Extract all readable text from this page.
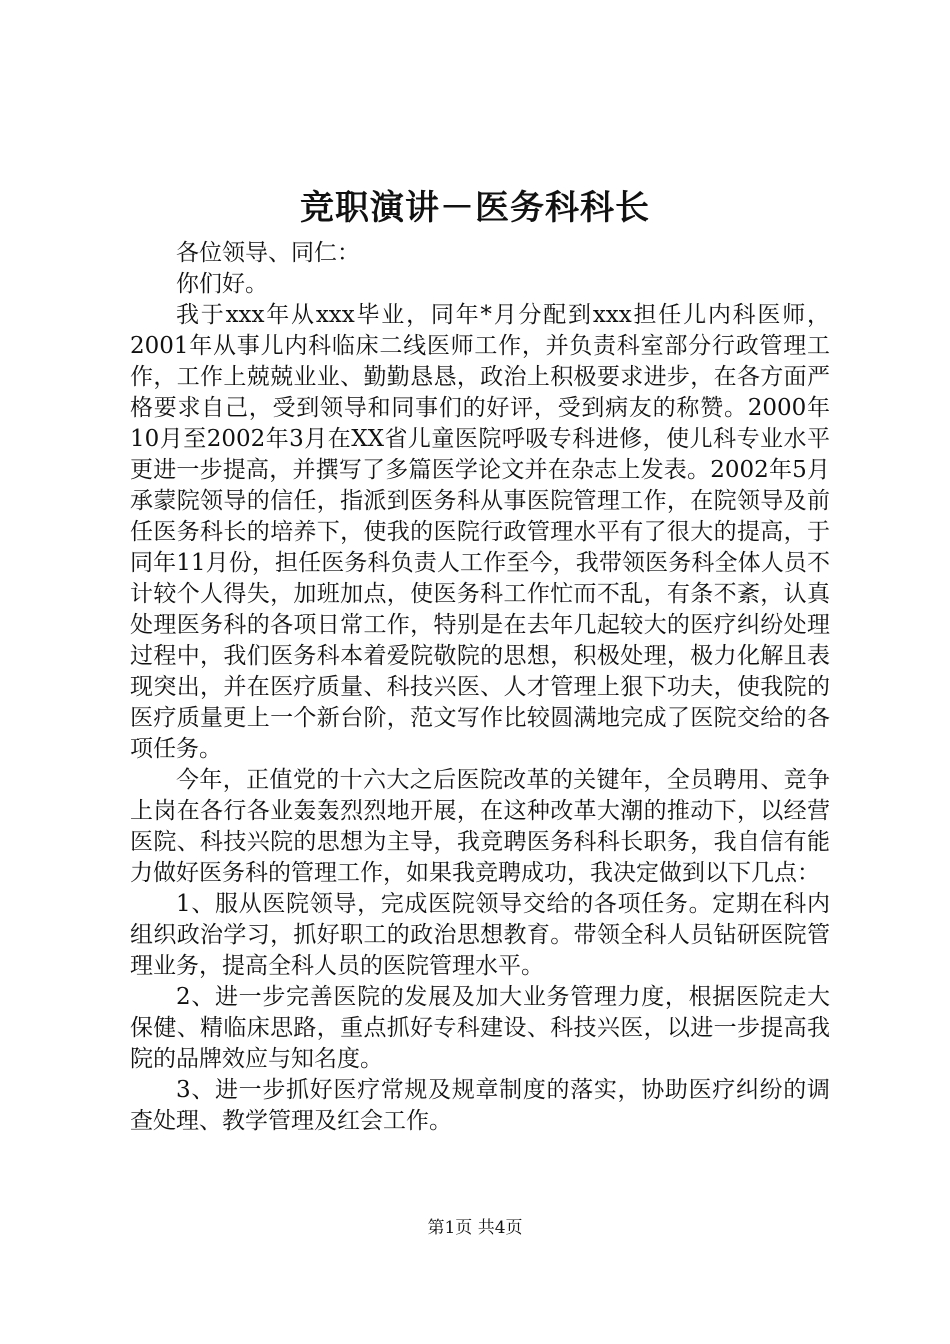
竞职演讲－医务科科长

各位领导、同仁：

你们好。

我于xxx年从xxx毕业，同年*月分配到xxx担任儿内科医师，2001年从事儿内科临床二线医师工作，并负责科室部分行政管理工作，工作上兢兢业业、勤勤恳恳，政治上积极要求进步，在各方面严格要求自己，受到领导和同事们的好评，受到病友的称赞。2000年10月至2002年3月在XX省儿童医院呼吸专科进修，使儿科专业水平更进一步提高，并撰写了多篇医学论文并在杂志上发表。2002年5月承蒙院领导的信任，指派到医务科从事医院管理工作，在院领导及前任医务科长的培养下，使我的医院行政管理水平有了很大的提高，于同年11月份，担任医务科负责人工作至今，我带领医务科全体人员不计较个人得失，加班加点，使医务科工作忙而不乱，有条不紊，认真处理医务科的各项日常工作，特别是在去年几起较大的医疗纠纷处理过程中，我们医务科本着爱院敬院的思想，积极处理，极力化解且表现突出，并在医疗质量、科技兴医、人才管理上狠下功夫，使我院的医疗质量更上一个新台阶，范文写作比较圆满地完成了医院交给的各项任务。

今年，正值党的十六大之后医院改革的关键年，全员聘用、竞争上岗在各行各业轰轰烈烈地开展，在这种改革大潮的推动下，以经营医院、科技兴院的思想为主导，我竞聘医务科科长职务，我自信有能力做好医务科的管理工作，如果我竞聘成功，我决定做到以下几点：

1、服从医院领导，完成医院领导交给的各项任务。定期在科内组织政治学习，抓好职工的政治思想教育。带领全科人员钻研医院管理业务，提高全科人员的医院管理水平。

2、进一步完善医院的发展及加大业务管理力度，根据医院走大保健、精临床思路，重点抓好专科建设、科技兴医，以进一步提高我院的品牌效应与知名度。

3、进一步抓好医疗常规及规章制度的落实，协助医疗纠纷的调查处理、教学管理及红会工作。

第1页 共4页
